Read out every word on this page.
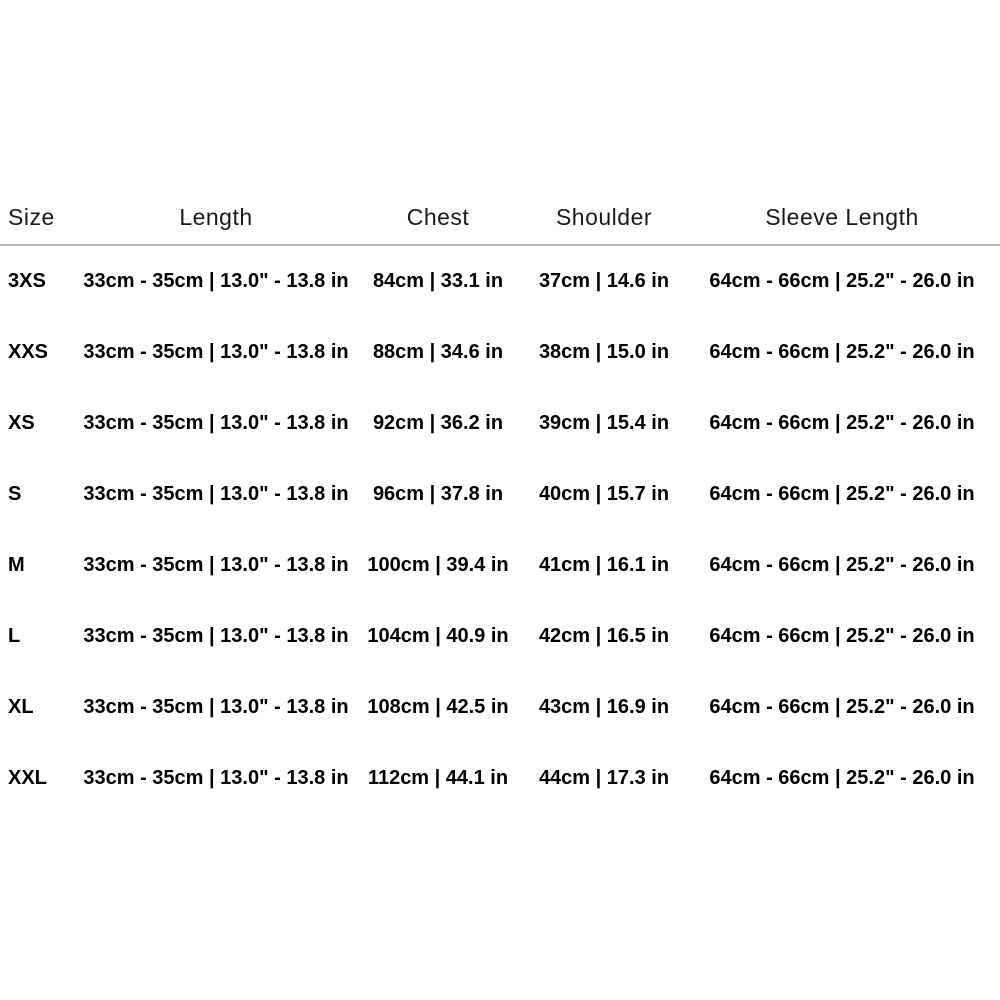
Size	Length	Chest	Shoulder	Sleeve Length
3XS	33cm - 35cm | 13.0" - 13.8 in	84cm | 33.1 in	37cm | 14.6 in	64cm - 66cm | 25.2" - 26.0 in
XXS	33cm - 35cm | 13.0" - 13.8 in	88cm | 34.6 in	38cm | 15.0 in	64cm - 66cm | 25.2" - 26.0 in
XS	33cm - 35cm | 13.0" - 13.8 in	92cm | 36.2 in	39cm | 15.4 in	64cm - 66cm | 25.2" - 26.0 in
S	33cm - 35cm | 13.0" - 13.8 in	96cm | 37.8 in	40cm | 15.7 in	64cm - 66cm | 25.2" - 26.0 in
M	33cm - 35cm | 13.0" - 13.8 in	100cm | 39.4 in	41cm | 16.1 in	64cm - 66cm | 25.2" - 26.0 in
L	33cm - 35cm | 13.0" - 13.8 in	104cm | 40.9 in	42cm | 16.5 in	64cm - 66cm | 25.2" - 26.0 in
XL	33cm - 35cm | 13.0" - 13.8 in	108cm | 42.5 in	43cm | 16.9 in	64cm - 66cm | 25.2" - 26.0 in
XXL	33cm - 35cm | 13.0" - 13.8 in	112cm | 44.1 in	44cm | 17.3 in	64cm - 66cm | 25.2" - 26.0 in
